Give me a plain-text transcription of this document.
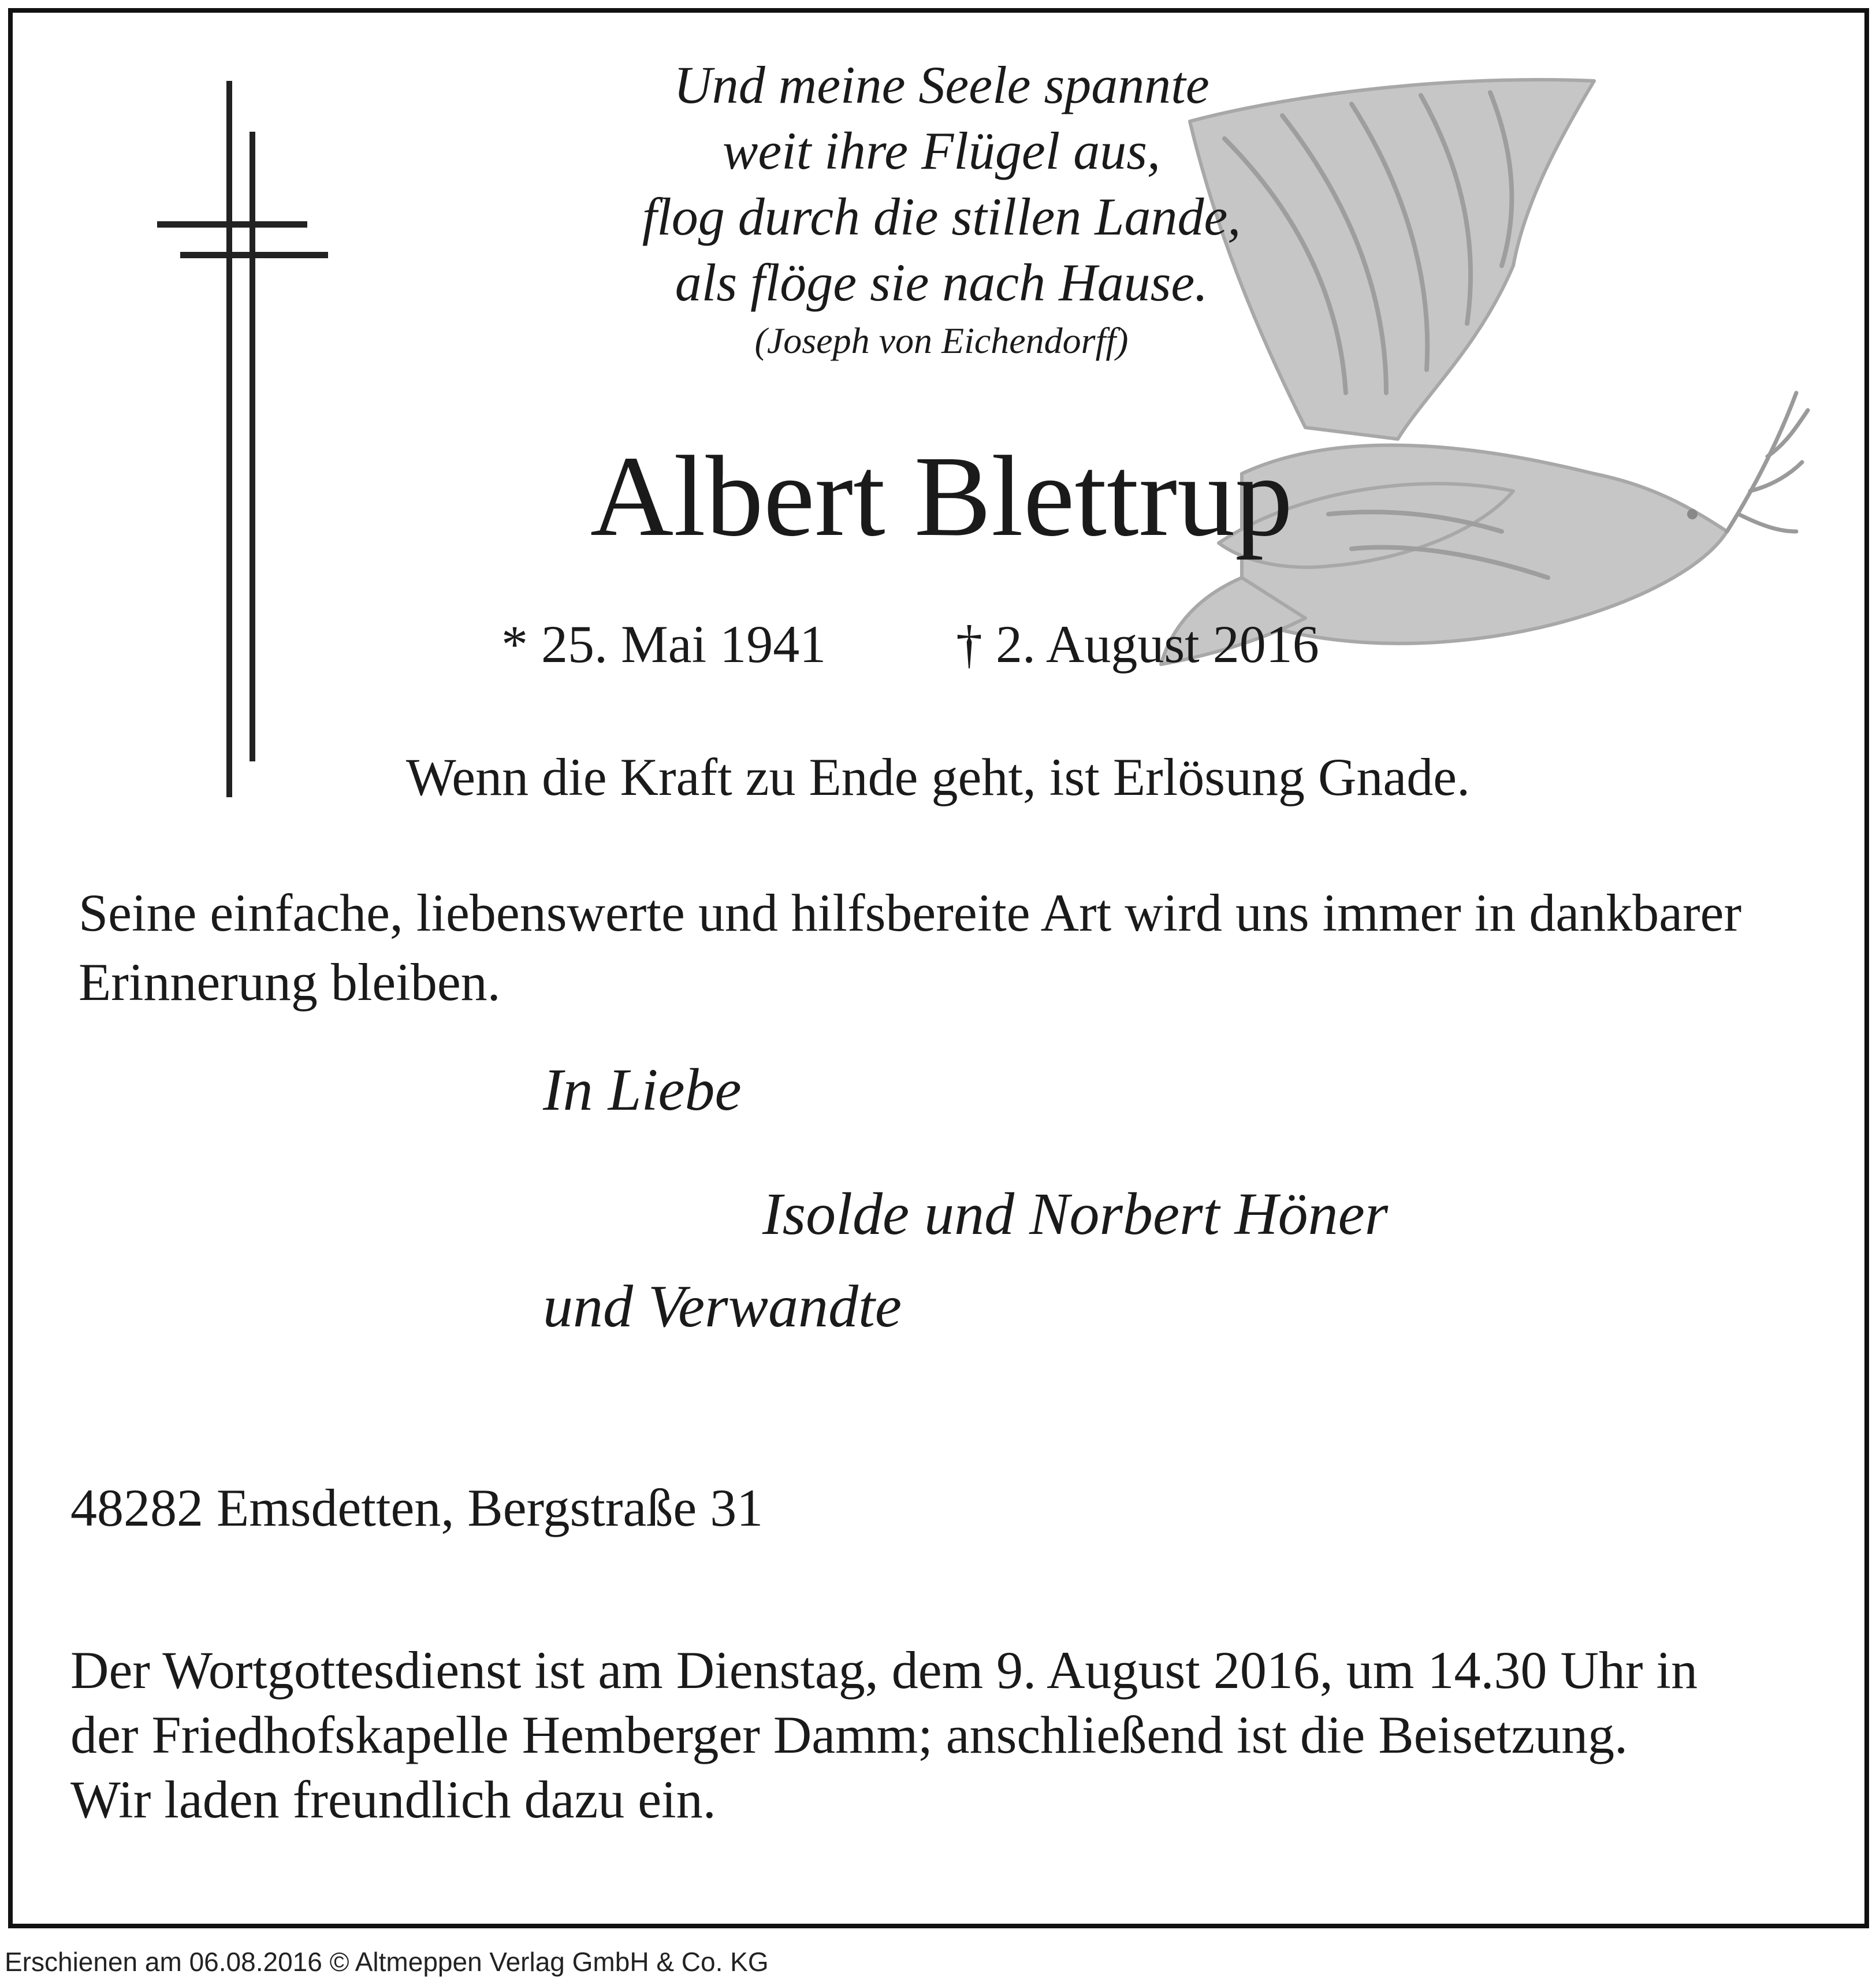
Und meine Seele spannte
weit ihre Flügel aus,
flog durch die stillen Lande,
als flöge sie nach Hause.
(Joseph von Eichendorff)
Albert Blettrup
* 25. Mai 1941 † 2. August 2016
Wenn die Kraft zu Ende geht, ist Erlösung Gnade.
Seine einfache, liebenswerte und hilfsbereite Art wird uns immer in dankbarer Erinnerung bleiben.
In Liebe
Isolde und Norbert Höner
und Verwandte
48282 Emsdetten, Bergstraße 31
Der Wortgottesdienst ist am Dienstag, dem 9. August 2016, um 14.30 Uhr in
der Friedhofskapelle Hemberger Damm; anschließend ist die Beisetzung.
Wir laden freundlich dazu ein.
Erschienen am 06.08.2016 © Altmeppen Verlag GmbH & Co. KG
